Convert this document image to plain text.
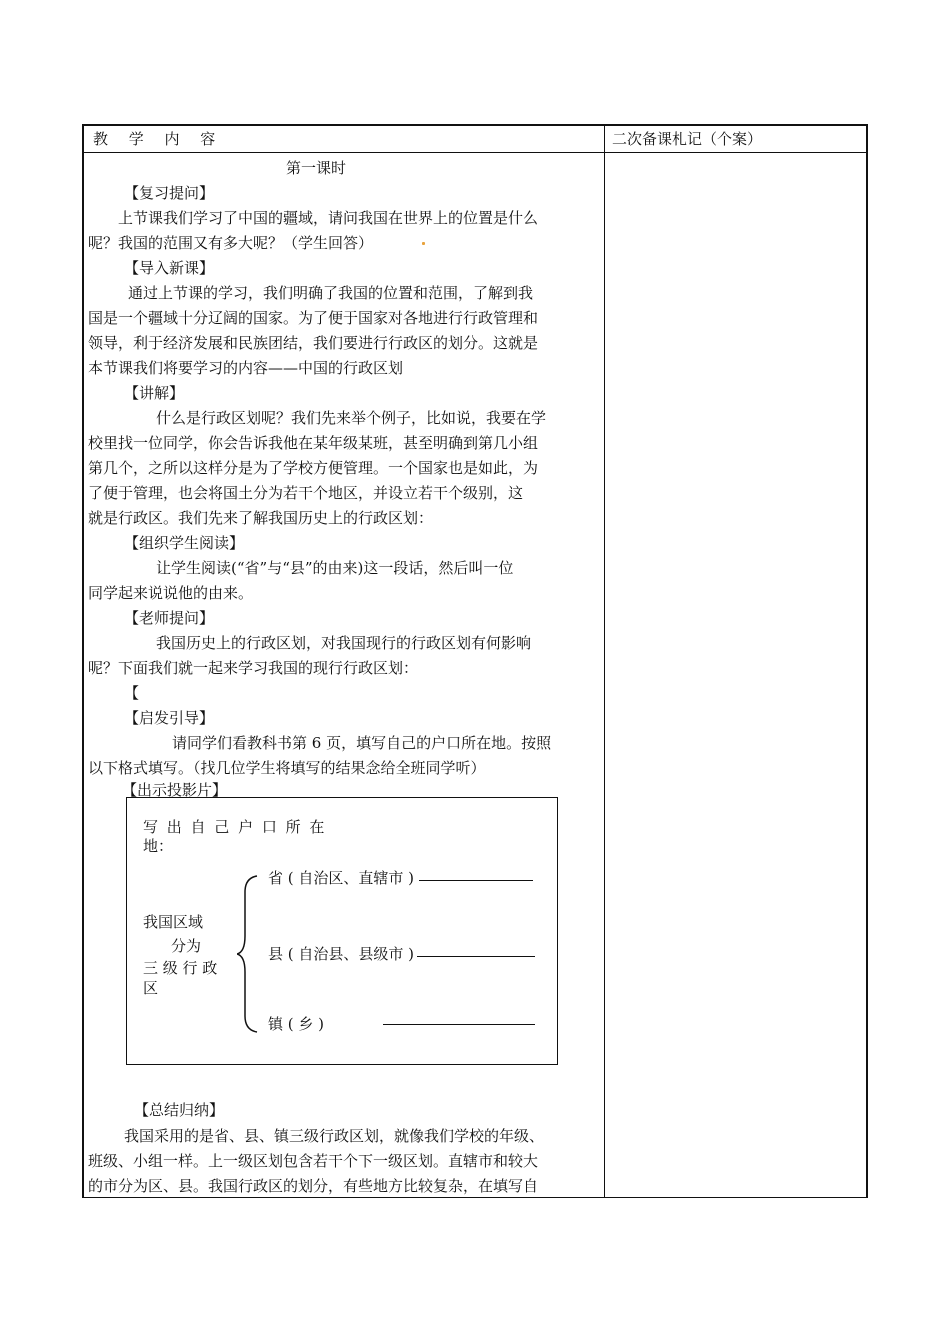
教 学 内 容	二次备课札记（个案）
第一课时
【复习提问】
上节课我们学习了中国的疆域，请问我国在世界上的位置是什么
呢？我国的范围又有多大呢？（学生回答）
【导入新课】
通过上节课的学习，我们明确了我国的位置和范围，了解到我
国是一个疆域十分辽阔的国家。为了便于国家对各地进行行政管理和
领导，利于经济发展和民族团结，我们要进行行政区的划分。这就是
本节课我们将要学习的内容——中国的行政区划
【讲解】
什么是行政区划呢？我们先来举个例子，比如说，我要在学
校里找一位同学，你会告诉我他在某年级某班，甚至明确到第几小组
第几个，之所以这样分是为了学校方便管理。一个国家也是如此，为
了便于管理，也会将国土分为若干个地区，并设立若干个级别，这
就是行政区。我们先来了解我国历史上的行政区划：
【组织学生阅读】
让学生阅读(“省”与“县”的由来)这一段话，然后叫一位
同学起来说说他的由来。
【老师提问】
我国历史上的行政区划，对我国现行的行政区划有何影响
呢？下面我们就一起来学习我国的现行行政区划：
【
【启发引导】
请同学们看教科书第 6 页，填写自己的户口所在地。按照
以下格式填写。（找几位学生将填写的结果念给全班同学听）
【出示投影片】
写 出 自 己 户 口 所 在
地：
我国区域
分为
三 级 行 政
区
省 ( 自治区、直辖市 )
县 ( 自治县、县级市 )
镇 ( 乡 )
【总结归纳】
我国采用的是省、县、镇三级行政区划，就像我们学校的年级、
班级、小组一样。上一级区划包含若干个下一级区划。直辖市和较大
的市分为区、县。我国行政区的划分，有些地方比较复杂，在填写自
